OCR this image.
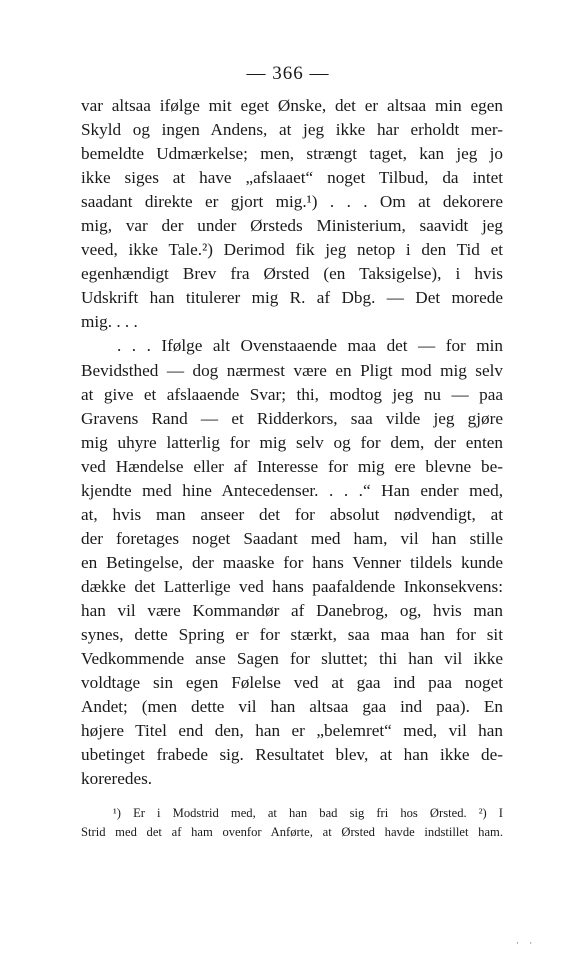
— 366 —
var altsaa ifølge mit eget Ønske, det er altsaa min egen
Skyld og ingen Andens, at jeg ikke har erholdt mer-
bemeldte Udmærkelse; men, strængt taget, kan jeg jo
ikke siges at have „afslaaet“ noget Tilbud, da intet
saadant direkte er gjort mig.¹) . . . Om at dekorere
mig, var der under Ørsteds Ministerium, saavidt jeg
veed, ikke Tale.²) Derimod fik jeg netop i den Tid et
egenhændigt Brev fra Ørsted (en Taksigelse), i hvis
Udskrift han titulerer mig R. af Dbg. — Det morede
mig. . . .
. . . Ifølge alt Ovenstaaende maa det — for min
Bevidsthed — dog nærmest være en Pligt mod mig selv
at give et afslaaende Svar; thi, modtog jeg nu — paa
Gravens Rand — et Ridderkors, saa vilde jeg gjøre
mig uhyre latterlig for mig selv og for dem, der enten
ved Hændelse eller af Interesse for mig ere blevne be-
kjendte med hine Antecedenser. . . .“ Han ender med,
at, hvis man anseer det for absolut nødvendigt, at
der foretages noget Saadant med ham, vil han stille
en Betingelse, der maaske for hans Venner tildels kunde
dække det Latterlige ved hans paafaldende Inkonsekvens:
han vil være Kommandør af Danebrog, og, hvis man
synes, dette Spring er for stærkt, saa maa han for sit
Vedkommende anse Sagen for sluttet; thi han vil ikke
voldtage sin egen Følelse ved at gaa ind paa noget
Andet; (men dette vil han altsaa gaa ind paa). En
højere Titel end den, han er „belemret“ med, vil han
ubetinget frabede sig. Resultatet blev, at han ikke de-
koreredes.
¹) Er i Modstrid med, at han bad sig fri hos Ørsted. ²) I
Strid med det af ham ovenfor Anførte, at Ørsted havde indstillet ham.
· ·
